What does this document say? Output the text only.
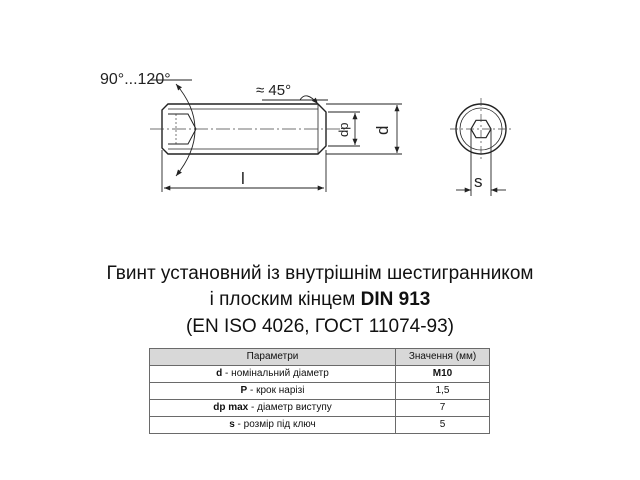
90°...120°
≈ 45°
l
dp d
s
Гвинт установний із внутрішнім шестигранником
і плоским кінцем DIN 913
(EN ISO 4026, ГОСТ 11074-93)
Параметри	Значення (мм)
d - номінальний діаметр	M10
P - крок нарізі	1,5
dp max - діаметр виступу	7
s - розмір під ключ	5
